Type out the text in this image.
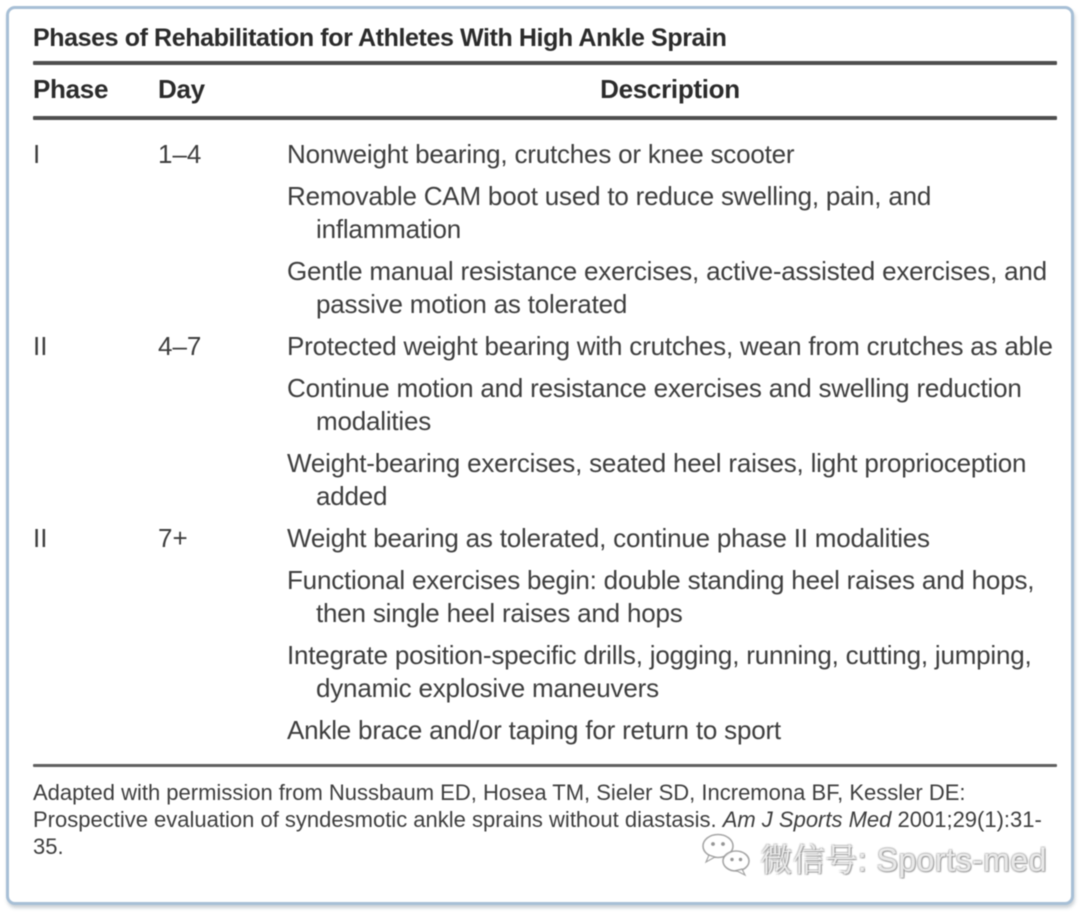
Phases of Rehabilitation for Athletes With High Ankle Sprain
Phase	Day	Description
I	1–4	Nonweight bearing, crutches or knee scooter

Removable CAM boot used to reduce swelling, pain, and inflammation

Gentle manual resistance exercises, active-assisted exercises, and passive motion as tolerated

II	4–7	Protected weight bearing with crutches, wean from crutches as able

Continue motion and resistance exercises and swelling reduction modalities

Weight-bearing exercises, seated heel raises, light proprioception added

II	7+	Weight bearing as tolerated, continue phase II modalities

Functional exercises begin: double standing heel raises and hops, then single heel raises and hops

Integrate position-specific drills, jogging, running, cutting, jumping, dynamic explosive maneuvers

Ankle brace and/or taping for return to sport

Adapted with permission from Nussbaum ED, Hosea TM, Sieler SD, Incremona BF, Kessler DE: Prospective evaluation of syndesmotic ankle sprains without diastasis. Am J Sports Med 2001;29(1):31-35.	微信号: Sports-med
